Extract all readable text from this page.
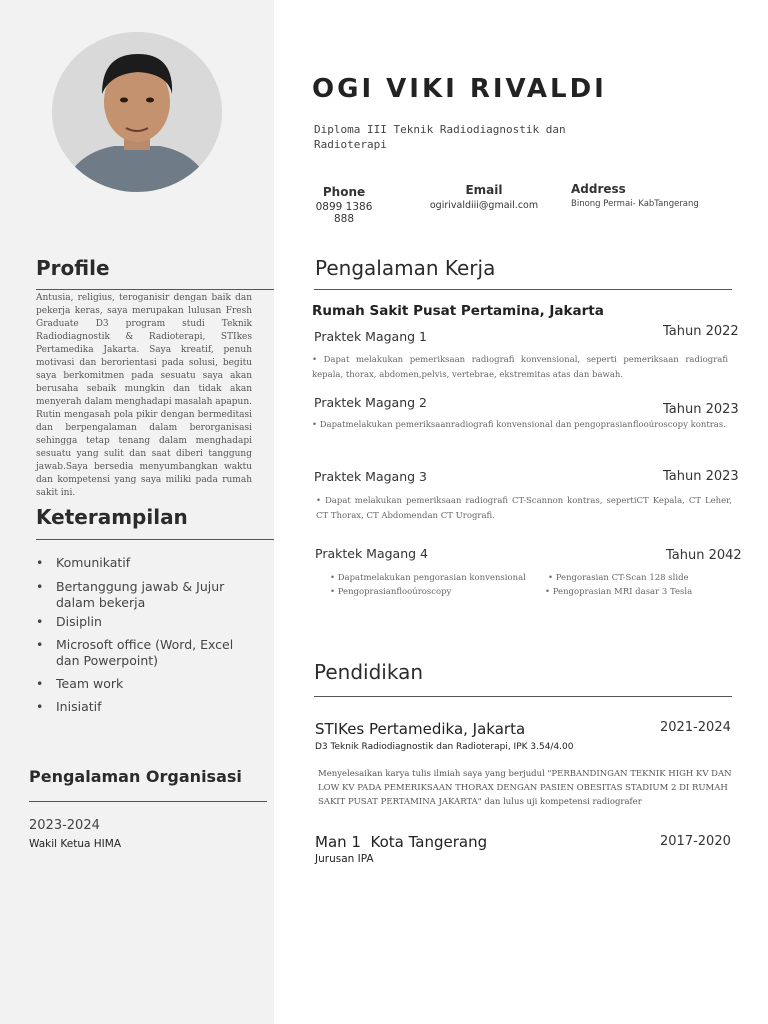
Profile
Antusia, religius, teroganisir dengan baik dan pekerja keras, saya merupakan lulusan Fresh Graduate D3 program studi Teknik Radiodiagnostik & Radioterapi, STIkes Pertamedika Jakarta. Saya kreatif, penuh motivasi dan berorientasi pada solusi, begitu saya berkomitmen pada sesuatu saya akan berusaha sebaik mungkin dan tidak akan menyerah dalam menghadapi masalah apapun. Rutin mengasah pola pikir dengan bermeditasi dan berpengalaman dalam berorganisasi sehingga tetap tenang dalam menghadapi sesuatu yang sulit dan saat diberi tanggung jawab.Saya bersedia menyumbangkan waktu dan kompetensi yang saya miliki pada rumah sakit ini.
Keterampilan
• Komunikatif
• Bertanggung jawab & Jujur dalam bekerja
• Disiplin
• Microsoft office (Word, Excel dan Powerpoint)
• Team work
• Inisiatif
Pengalaman Organisasi
2023-2024
Wakil Ketua HIMA
OGI VIKI RIVALDI
Diploma III Teknik Radiodiagnostik dan Radioterapi
Phone
0899 1386 888
Email
ogirivaldiii@gmail.com
Address
Binong Permai- KabTangerang
Pengalaman Kerja
Rumah Sakit Pusat Pertamina, Jakarta
Praktek Magang 1	Tahun 2022
• Dapat melakukan pemeriksaan radiografi konvensional, seperti pemeriksaan radiografi kepala, thorax, abdomen,pelvis, vertebrae, ekstremitas atas dan bawah.
Praktek Magang 2	Tahun 2023
• Dapatmelakukan pemeriksaanradiografi konvensional dan pengoprasianflooúroscopy kontras.
Praktek Magang 3	Tahun 2023
• Dapat melakukan pemeriksaan radiografi CT-Scannon kontras, sepertiCT Kepala, CT Leher, CT Thorax, CT Abdomendan CT Urografi.
Praktek Magang 4	Tahun 2042
• Dapatmelakukan pengorasian konvensional	• Pengorasian CT-Scan 128 slide
• Pengoprasianflooúroscopy	• Pengoprasian MRI dasar 3 Tesla
Pendidikan
STIKes Pertamedika, Jakarta	2021-2024
D3 Teknik Radiodiagnostik dan Radioterapi, IPK 3.54/4.00
Menyelesaikan karya tulis ilmiah saya yang berjudul "PERBANDINGAN TEKNIK HIGH KV DAN LOW KV PADA PEMERIKSAAN THORAX DENGAN PASIEN OBESITAS STADIUM 2 DI RUMAH SAKIT PUSAT PERTAMINA JAKARTA" dan lulus uji kompetensi radiografer
Man 1  Kota Tangerang	2017-2020
Jurusan IPA
